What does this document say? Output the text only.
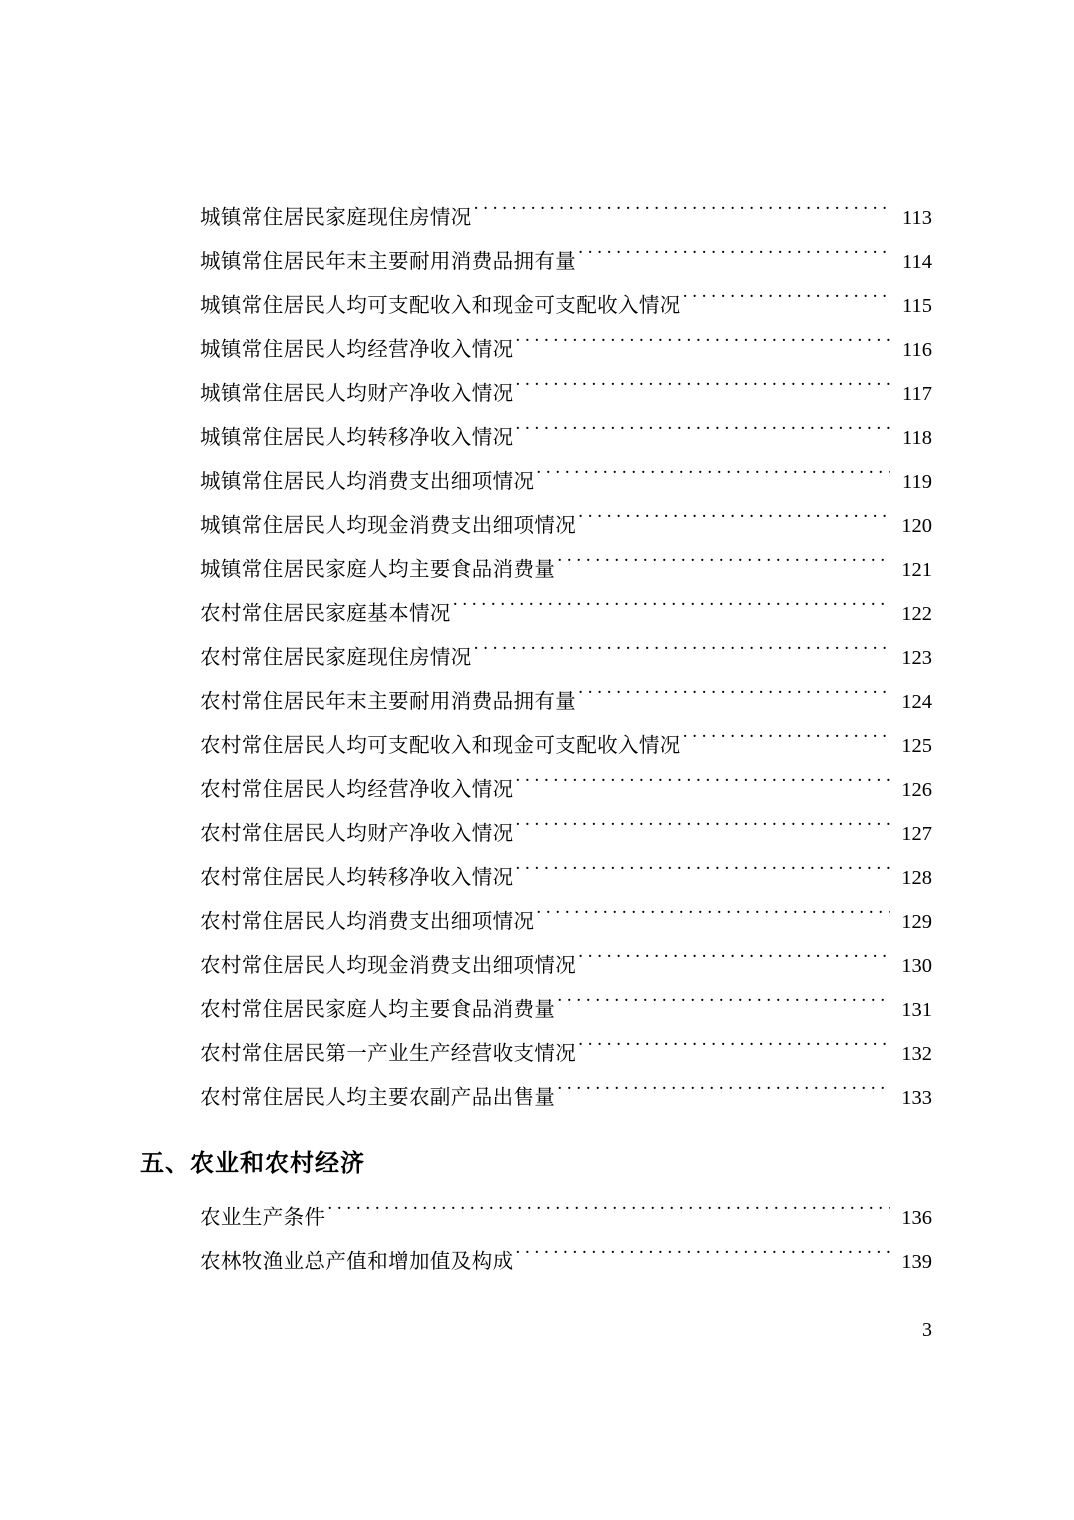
城镇常住居民家庭现住房情况 . . .	113
城镇常住居民年末主要耐用消费品拥有量 . . .	114
城镇常住居民人均可支配收入和现金可支配收入情况 . . .	115
城镇常住居民人均经营净收入情况 . . .	116
城镇常住居民人均财产净收入情况 . . .	117
城镇常住居民人均转移净收入情况 . . .	118
城镇常住居民人均消费支出细项情况 . . .	119
城镇常住居民人均现金消费支出细项情况 . . .	120
城镇常住居民家庭人均主要食品消费量 . . .	121
农村常住居民家庭基本情况 . . .	122
农村常住居民家庭现住房情况 . . .	123
农村常住居民年末主要耐用消费品拥有量 . . .	124
农村常住居民人均可支配收入和现金可支配收入情况 . . .	125
农村常住居民人均经营净收入情况 . . .	126
农村常住居民人均财产净收入情况 . . .	127
农村常住居民人均转移净收入情况 . . .	128
农村常住居民人均消费支出细项情况 . . .	129
农村常住居民人均现金消费支出细项情况 . . .	130
农村常住居民家庭人均主要食品消费量 . . .	131
农村常住居民第一产业生产经营收支情况 . . .	132
农村常住居民人均主要农副产品出售量 . . .	133
五、农业和农村经济
农业生产条件 . . .	136
农林牧渔业总产值和增加值及构成 . . .	139
3
